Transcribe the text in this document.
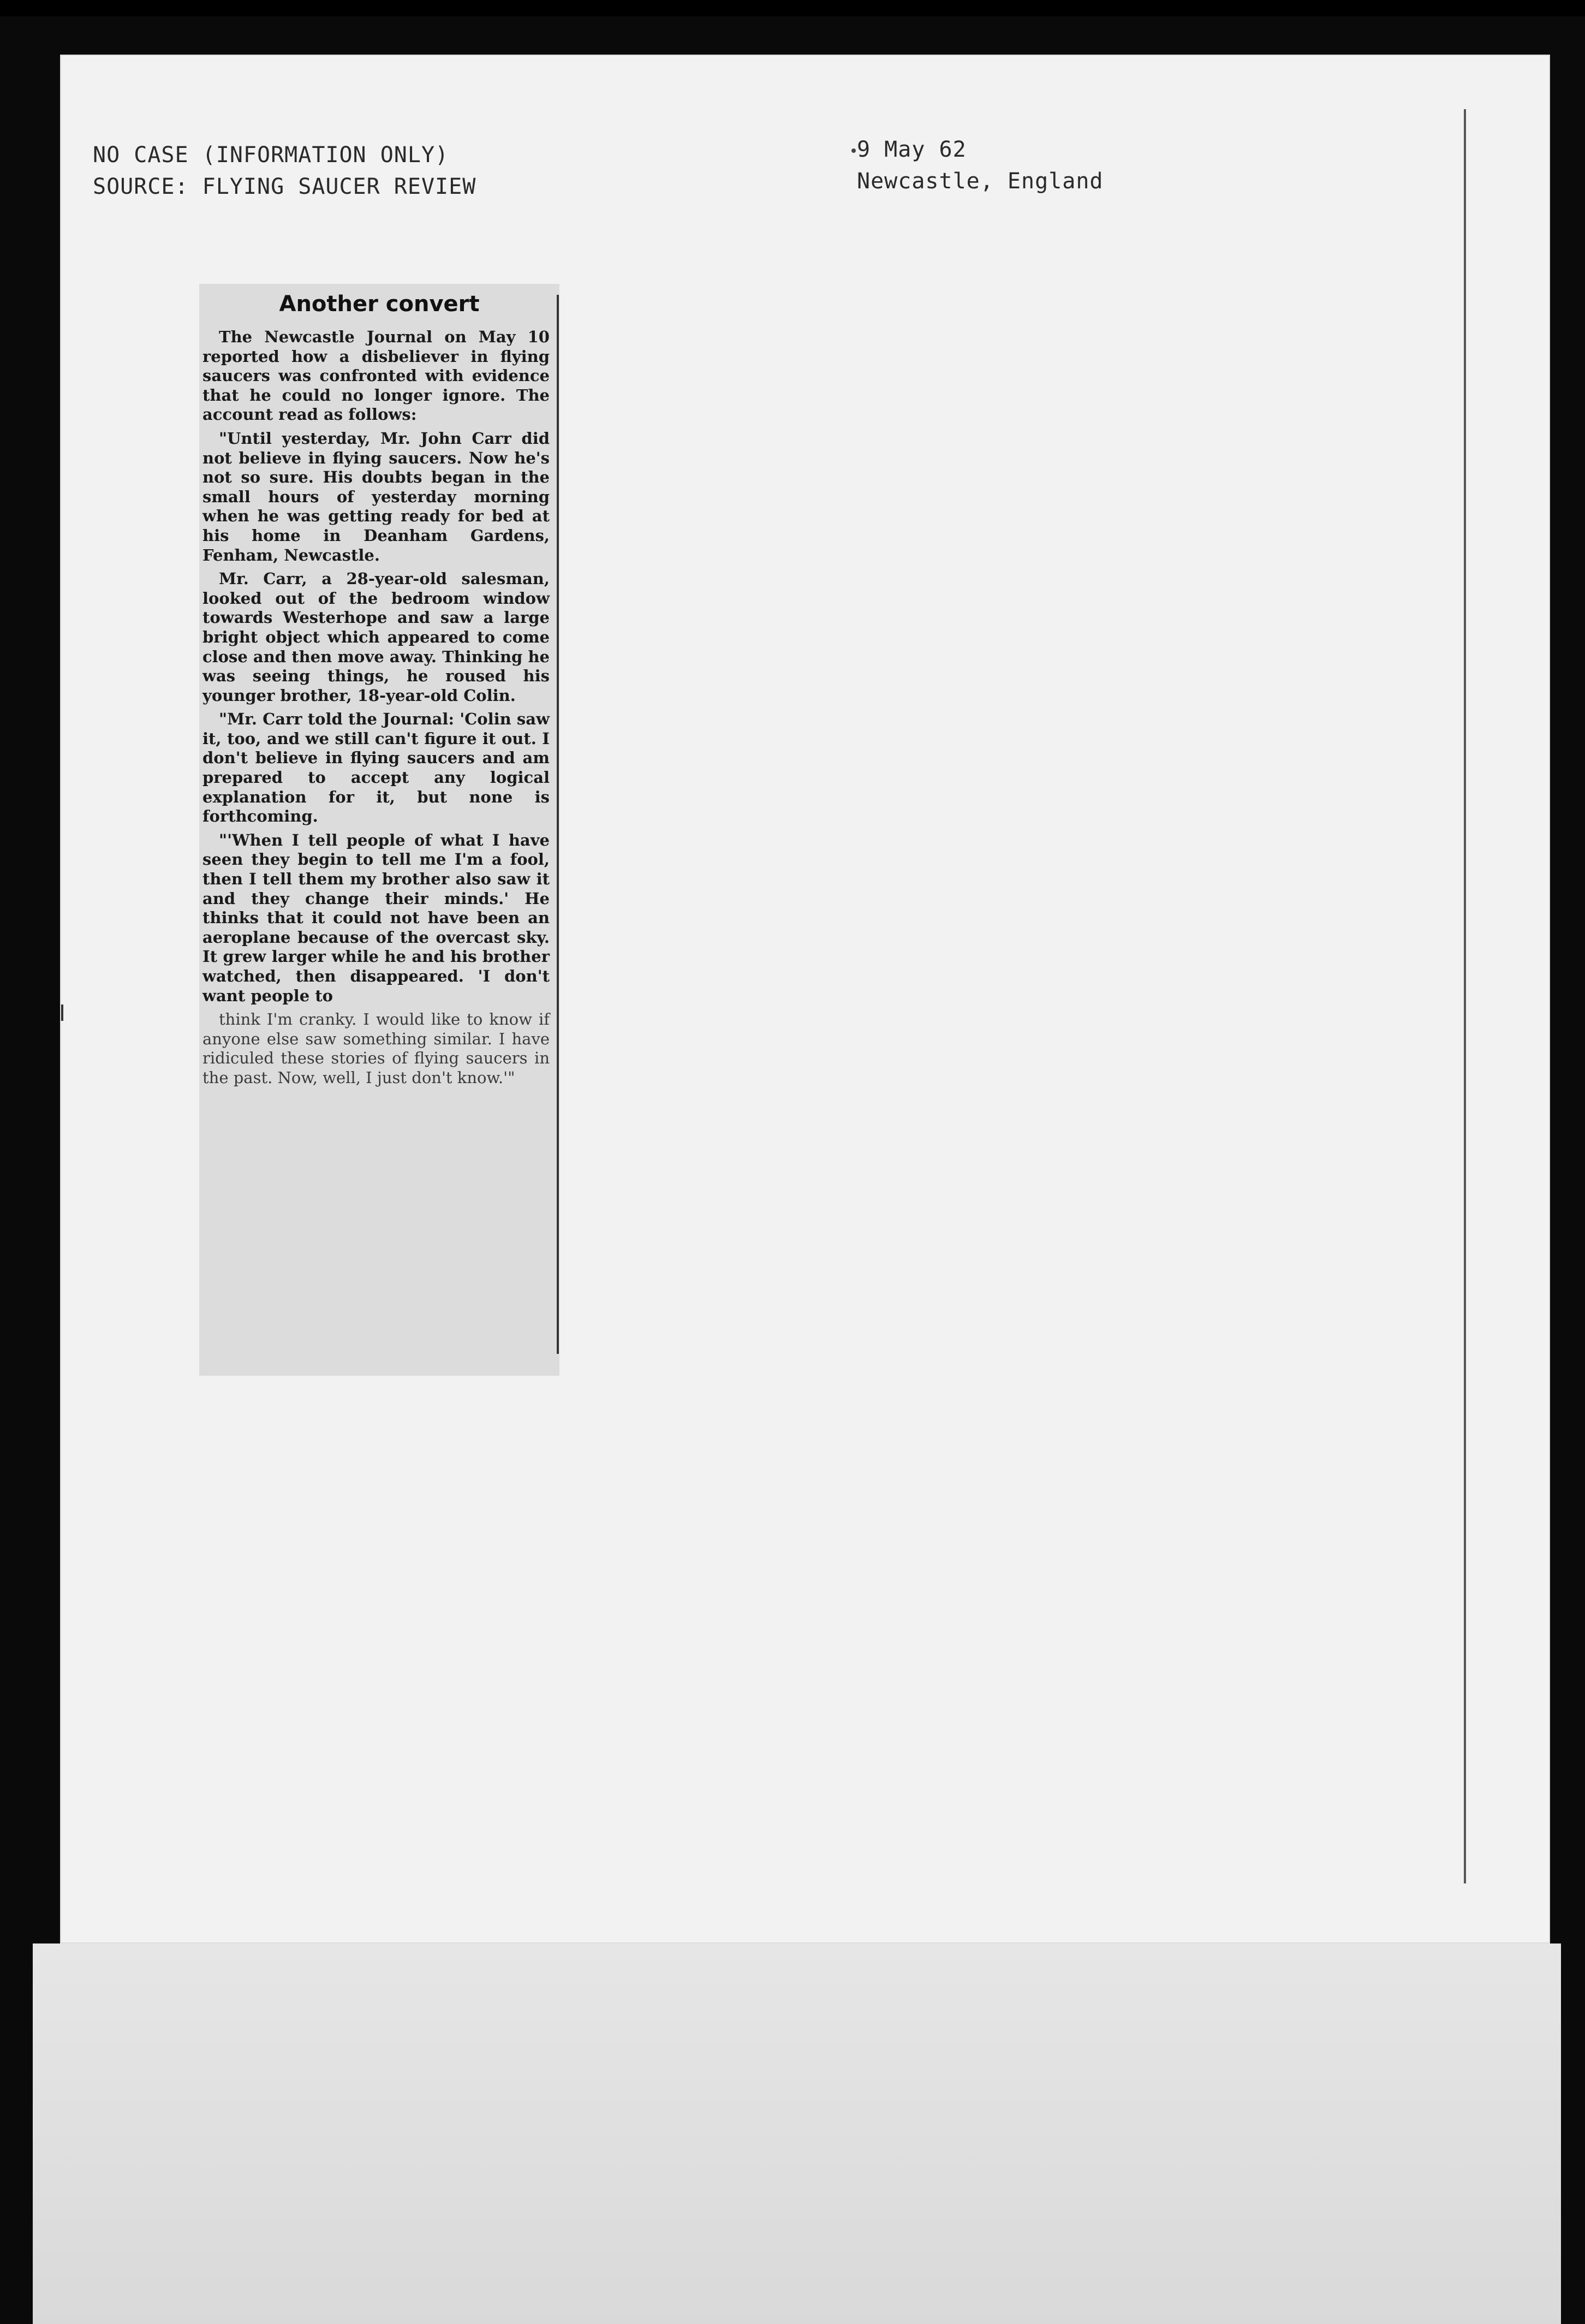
NO CASE (INFORMATION ONLY)
SOURCE: FLYING SAUCER REVIEW
9 May 62
Newcastle, England
Another convert

The Newcastle Journal on May 10 reported how a disbeliever in flying saucers was confronted with evidence that he could no longer ignore. The account read as follows:

"Until yesterday, Mr. John Carr did not believe in flying saucers. Now he's not so sure. His doubts began in the small hours of yesterday morning when he was getting ready for bed at his home in Deanham Gardens, Fenham, Newcastle.

Mr. Carr, a 28-year-old salesman, looked out of the bedroom window towards Westerhope and saw a large bright object which appeared to come close and then move away. Thinking he was seeing things, he roused his younger brother, 18-year-old Colin.

"Mr. Carr told the Journal: 'Colin saw it, too, and we still can't figure it out. I don't believe in flying saucers and am prepared to accept any logical explanation for it, but none is forthcoming.

"'When I tell people of what I have seen they begin to tell me I'm a fool, then I tell them my brother also saw it and they change their minds.' He thinks that it could not have been an aeroplane because of the overcast sky. It grew larger while he and his brother watched, then disappeared. 'I don't want people to

think I'm cranky. I would like to know if anyone else saw something similar. I have ridiculed these stories of flying saucers in the past. Now, well, I just don't know.'"
